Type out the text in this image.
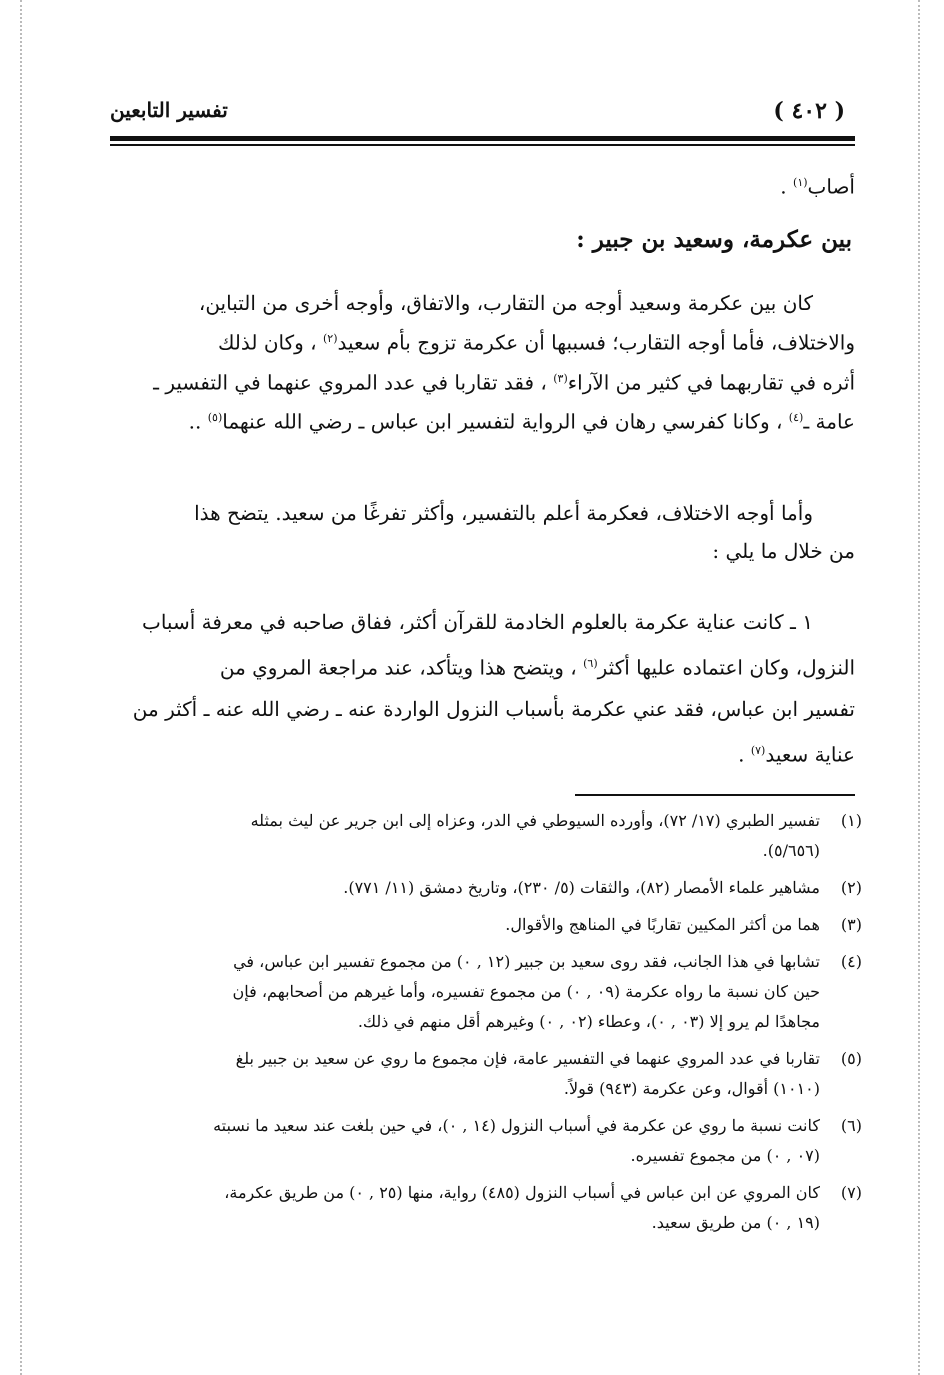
( ٤٠٢ )
تفسير التابعين
أصاب$^{(١)}$ .
بين عكرمة، وسعيد بن جبير :
كان بين عكرمة وسعيد أوجه من التقارب، والاتفاق، وأوجه أخرى من التباين،
والاختلاف، فأما أوجه التقارب؛ فسببها أن عكرمة تزوج بأم سعيد$^{(٢)}$ ، وكان لذلك
أثره في تقاربهما في كثير من الآراء$^{(٣)}$ ، فقد تقاربا في عدد المروي عنهما في التفسير ـ
عامة ـ$^{(٤)}$ ، وكانا كفرسي رهان في الرواية لتفسير ابن عباس ـ رضي الله عنهما$^{(٥)}$ ..
وأما أوجه الاختلاف، فعكرمة أعلم بالتفسير، وأكثر تفرغًا من سعيد. يتضح هذا
من خلال ما يلي :
١ ـ كانت عناية عكرمة بالعلوم الخادمة للقرآن أكثر، ففاق صاحبه في معرفة أسباب
النزول، وكان اعتماده عليها أكثر$^{(٦)}$ ، ويتضح هذا ويتأكد، عند مراجعة المروي من
تفسير ابن عباس، فقد عني عكرمة بأسباب النزول الواردة عنه ـ رضي الله عنه ـ أكثر من
عناية سعيد$^{(٧)}$ .
(١)
تفسير الطبري (١٧/ ٧٢)، وأورده السيوطي في الدر، وعزاه إلى ابن جرير عن ليث بمثله
(٥/٦٥٦).
(٢)
مشاهير علماء الأمصار (٨٢)، والثقات (٥/ ٢٣٠)، وتاريخ دمشق (١١/ ٧٧١).
(٣)
هما من أكثر المكيين تقاربًا في المناهج والأقوال.
(٤)
تشابها في هذا الجانب، فقد روى سعيد بن جبير (١٢ , ٠) من مجموع تفسير ابن عباس، في
حين كان نسبة ما رواه عكرمة (٠٩ , ٠) من مجموع تفسيره، وأما غيرهم من أصحابهم، فإن
مجاهدًا لم يرو إلا (٠٣ , ٠)، وعطاء (٠٢ , ٠) وغيرهم أقل منهم في ذلك.
(٥)
تقاربا في عدد المروي عنهما في التفسير عامة، فإن مجموع ما روي عن سعيد بن جبير بلغ
(١٠١٠) أقوال، وعن عكرمة (٩٤٣) قولاً.
(٦)
كانت نسبة ما روي عن عكرمة في أسباب النزول (١٤ , ٠)، في حين بلغت عند سعيد ما نسبته
(٠٧ , ٠) من مجموع تفسيره.
(٧)
كان المروي عن ابن عباس في أسباب النزول (٤٨٥) رواية، منها (٢٥ , ٠) من طريق عكرمة،
(١٩ , ٠) من طريق سعيد.
